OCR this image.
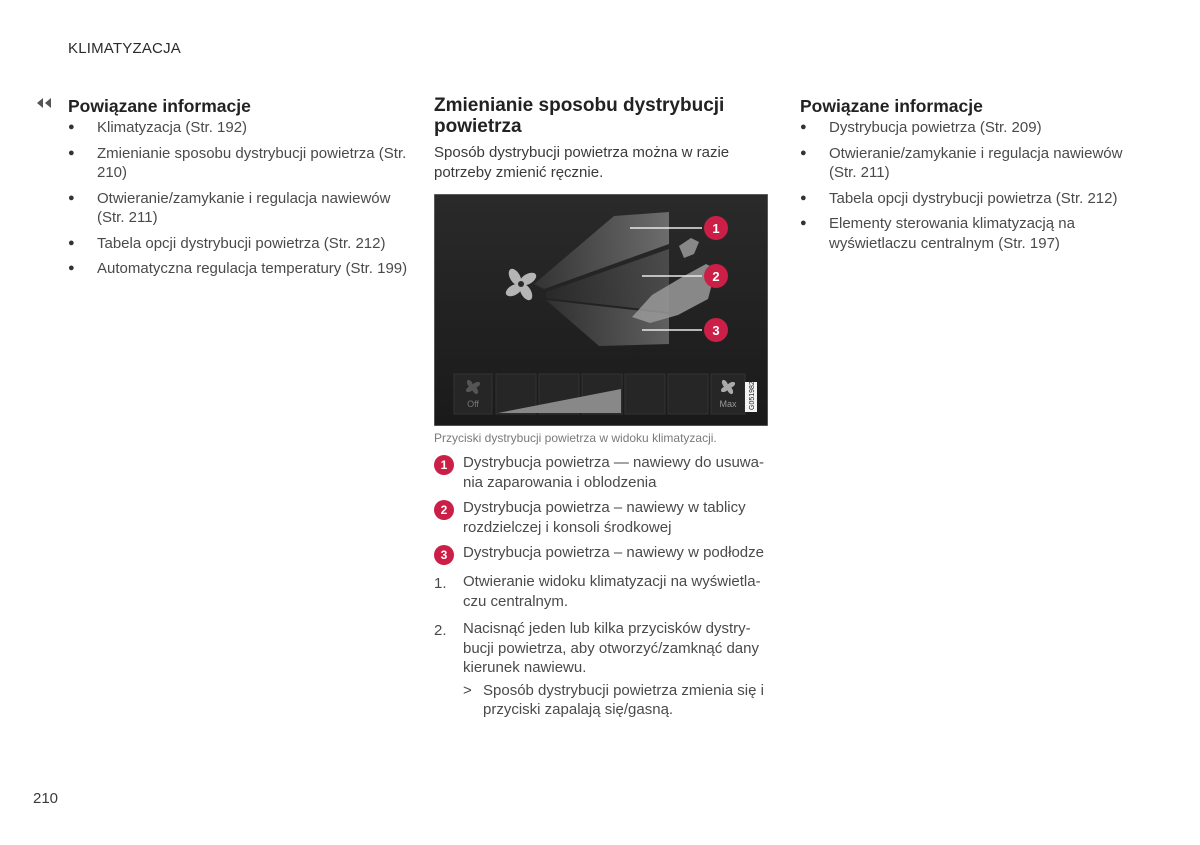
KLIMATYZACJA
Powiązane informacje
● Klimatyzacja (Str. 192)
● Zmienianie sposobu dystrybucji powietrza (Str. 210)
● Otwieranie/zamykanie i regulacja nawiewów (Str. 211)
● Tabela opcji dystrybucji powietrza (Str. 212)
● Automatyczna regulacja temperatury (Str. 199)
Zmienianie sposobu dystrybucji powietrza
Sposób dystrybucji powietrza można w razie potrzeby zmienić ręcznie.
1
2
3
Off	Max G051982
Przyciski dystrybucji powietrza w widoku klimatyzacji.
1	Dystrybucja powietrza — nawiewy do usuwa-nia zaparowania i oblodzenia
2	Dystrybucja powietrza – nawiewy w tablicy rozdzielczej i konsoli środkowej
3	Dystrybucja powietrza – nawiewy w podłodze
1. Otwieranie widoku klimatyzacji na wyświetla-czu centralnym.
2. Nacisnąć jeden lub kilka przycisków dystry-bucji powietrza, aby otworzyć/zamknąć dany kierunek nawiewu.
> Sposób dystrybucji powietrza zmienia się i przyciski zapalają się/gasną.
Powiązane informacje
● Dystrybucja powietrza (Str. 209)
● Otwieranie/zamykanie i regulacja nawiewów (Str. 211)
● Tabela opcji dystrybucji powietrza (Str. 212)
● Elementy sterowania klimatyzacją na wyświetlaczu centralnym (Str. 197)
210
